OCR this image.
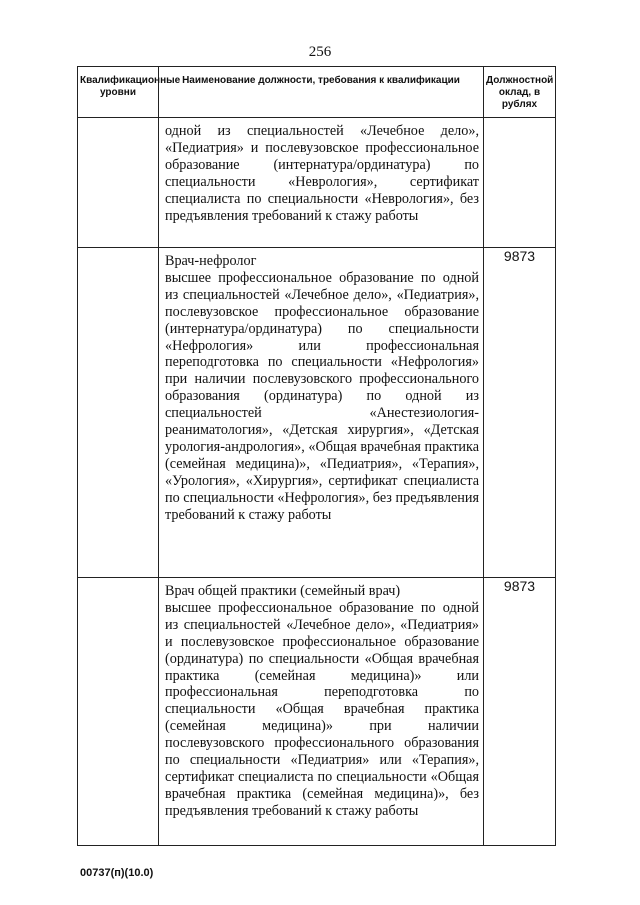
256
Квалификационные уровни	Наименование должности, требования к квалификации	Должностной оклад, в рублях

	одной из специальностей «Лечебное дело», «Педиатрия» и послевузовское профессиональное образование (интернатура/ординатура) по специальности «Неврология», сертификат специалиста по специальности «Неврология», без предъявления требований к стажу работы	

	Врач-нефролог
высшее профессиональное образование по одной из специальностей «Лечебное дело», «Педиатрия», послевузовское профессиональное образование (интернатура/ординатура) по специальности «Нефрология» или профессиональная переподготовка по специальности «Нефрология» при наличии послевузовского профессионального образования (ординатура) по одной из специальностей «Анестезиология-реаниматология», «Детская хирургия», «Детская урология-андрология», «Общая врачебная практика (семейная медицина)», «Педиатрия», «Терапия», «Урология», «Хирургия», сертификат специалиста по специальности «Нефрология», без предъявления требований к стажу работы	9873

	Врач общей практики (семейный врач)
высшее профессиональное образование по одной из специальностей «Лечебное дело», «Педиатрия» и послевузовское профессиональное образование (ординатура) по специальности «Общая врачебная практика (семейная медицина)» или профессиональная переподготовка по специальности «Общая врачебная практика (семейная медицина)» при наличии послевузовского профессионального образования по специальности «Педиатрия» или «Терапия», сертификат специалиста по специальности «Общая врачебная практика (семейная медицина)», без предъявления требований к стажу работы	9873
00737(п)(10.0)
